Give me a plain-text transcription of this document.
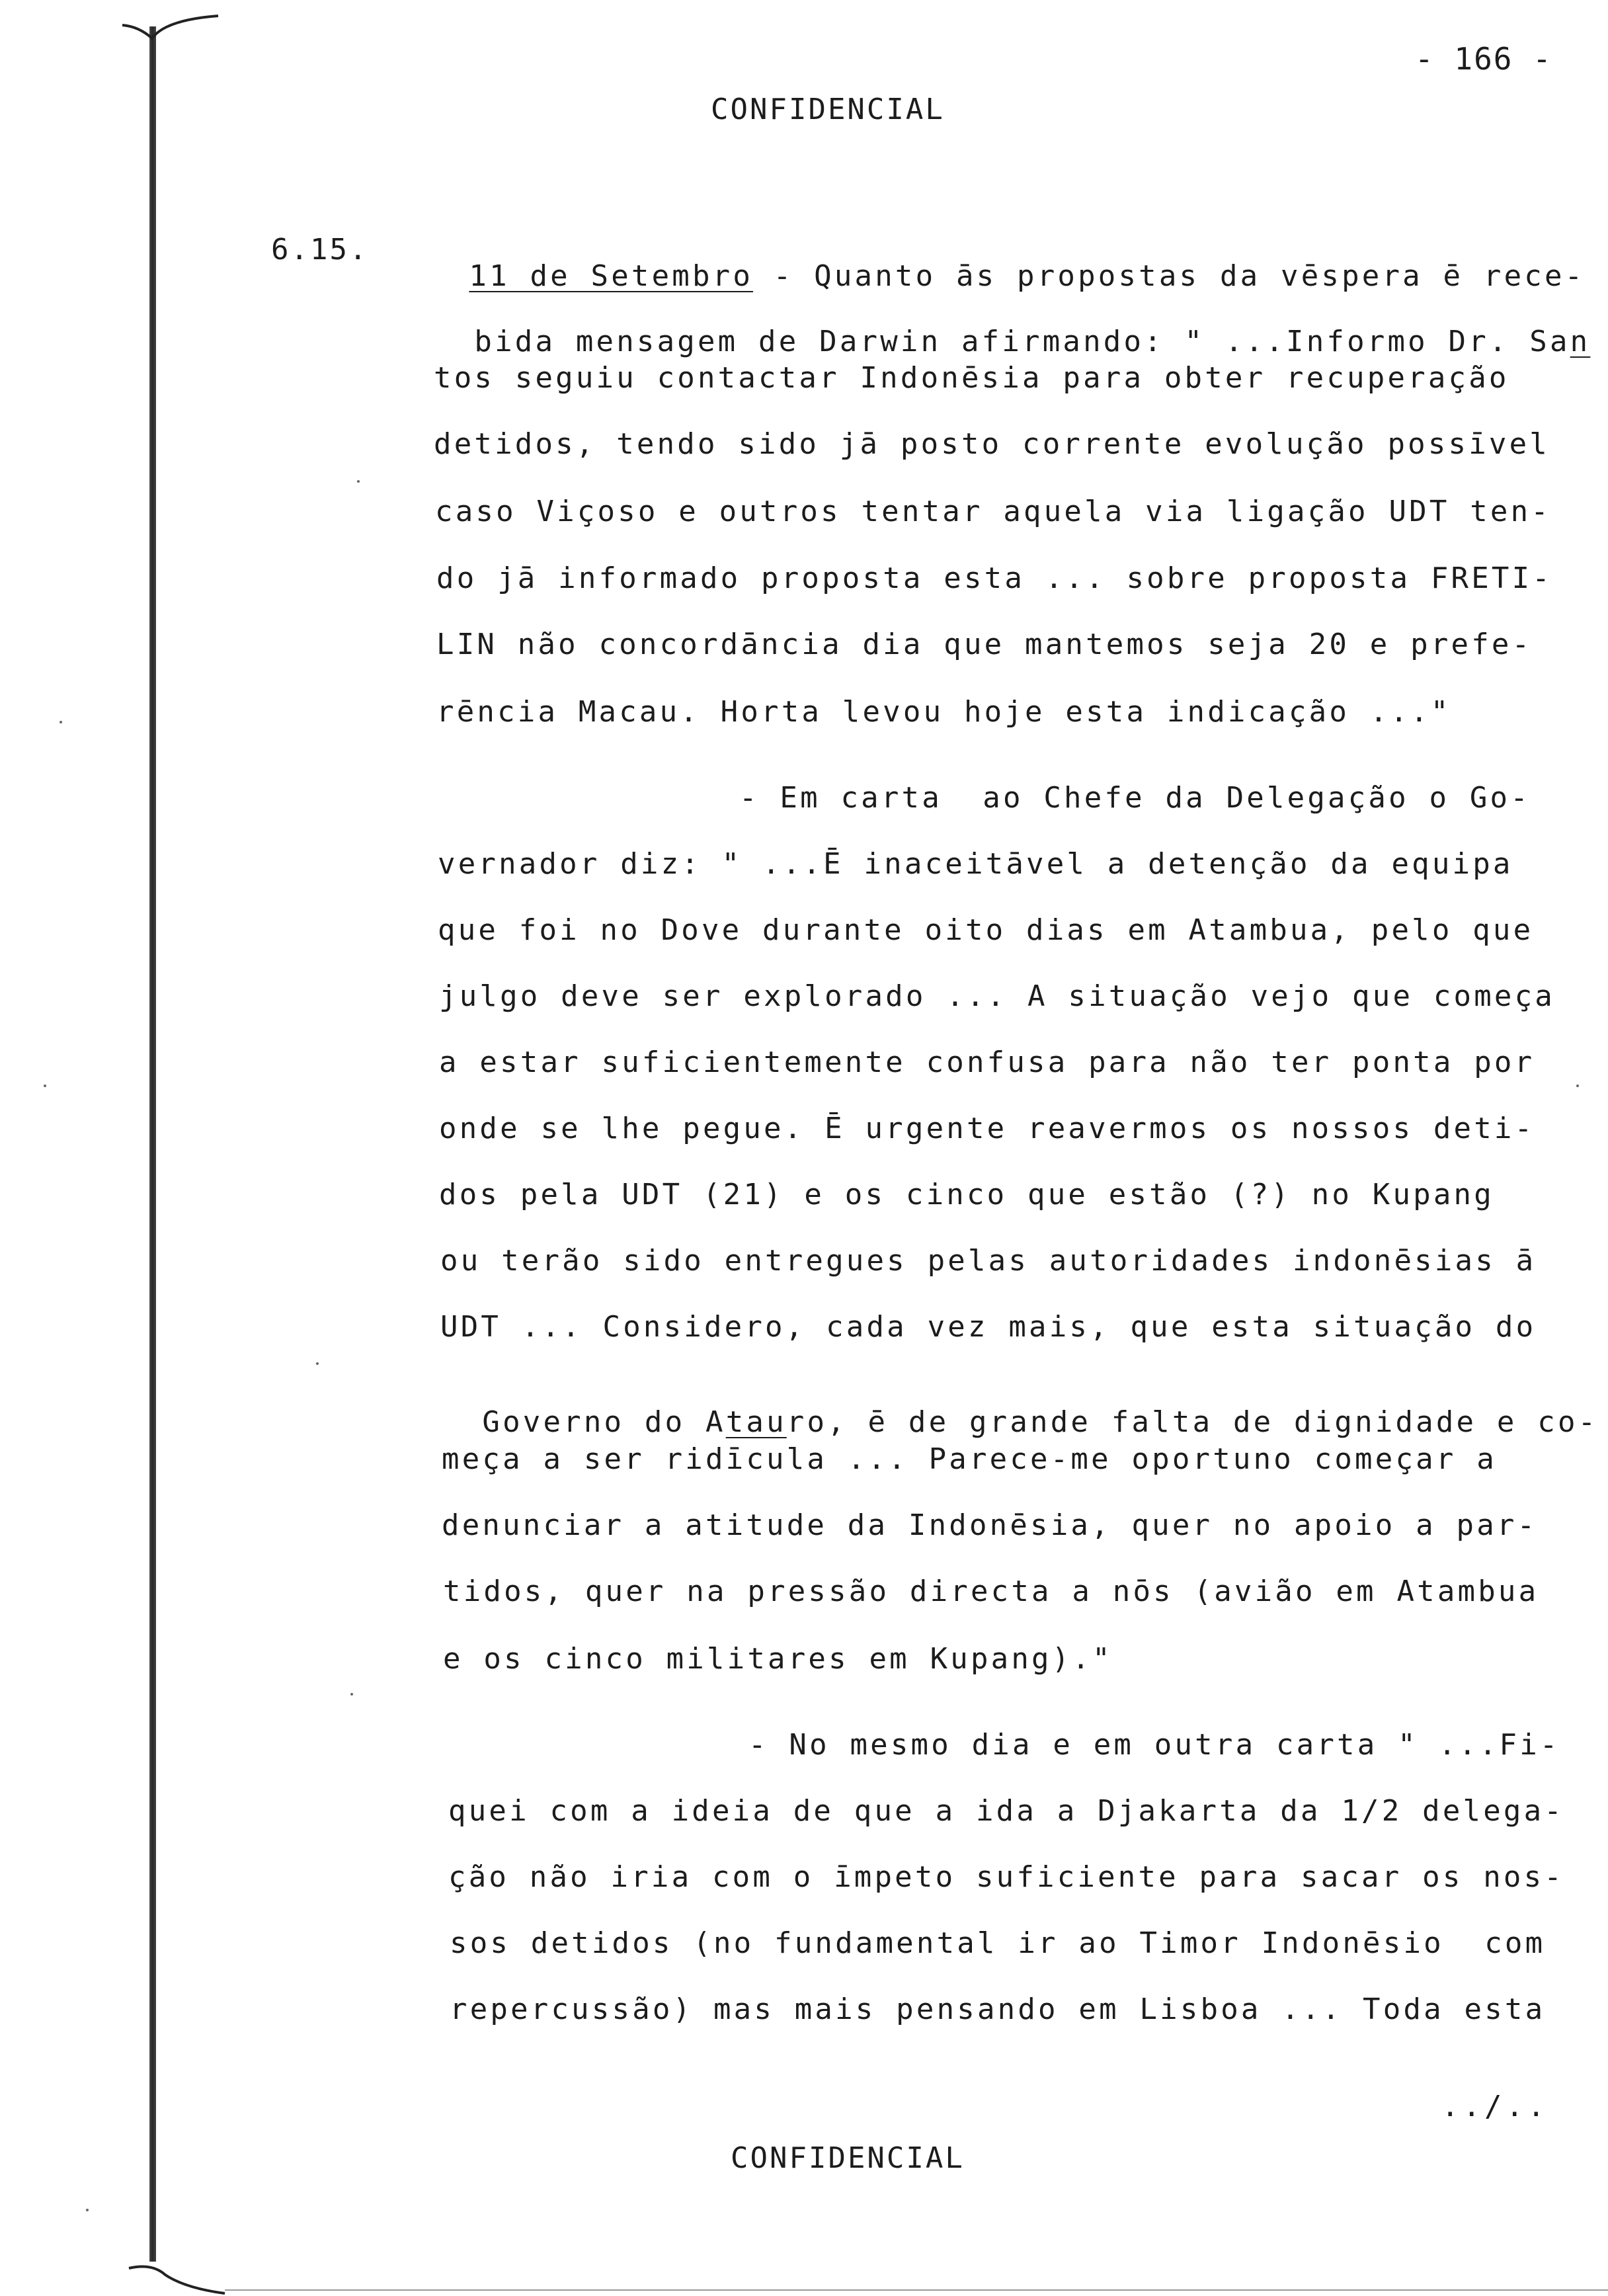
- 166 -
CONFIDENCIAL
6.15.

11 de Setembro - Quanto ās propostas da vēspera ē rece-

bida mensagem de Darwin afirmando: " ...Informo Dr. San

tos seguiu contactar Indonēsia para obter recuperação
detidos, tendo sido jā posto corrente evolução possīvel
caso Viçoso e outros tentar aquela via ligação UDT ten-
do jā informado proposta esta ... sobre proposta FRETI-
LIN não concordāncia dia que mantemos seja 20 e prefe-
rēncia Macau. Horta levou hoje esta indicação ..."
- Em carta  ao Chefe da Delegação o Go-
vernador diz: " ...Ē inaceitāvel a detenção da equipa
que foi no Dove durante oito dias em Atambua, pelo que
julgo deve ser explorado ... A situação vejo que começa
a estar suficientemente confusa para não ter ponta por
onde se lhe pegue. Ē urgente reavermos os nossos deti-
dos pela UDT (21) e os cinco que estão (?) no Kupang
ou terão sido entregues pelas autoridades indonēsias ā
UDT ... Considero, cada vez mais, que esta situação do

Governo do Atauro, ē de grande falta de dignidade e co-

meça a ser ridīcula ... Parece-me oportuno começar a
denunciar a atitude da Indonēsia, quer no apoio a par-
tidos, quer na pressão directa a nōs (avião em Atambua
e os cinco militares em Kupang)."
- No mesmo dia e em outra carta " ...Fi-
quei com a ideia de que a ida a Djakarta da 1/2 delega-
ção não iria com o īmpeto suficiente para sacar os nos-
sos detidos (no fundamental ir ao Timor Indonēsio  com
repercussão) mas mais pensando em Lisboa ... Toda esta
../..
CONFIDENCIAL
